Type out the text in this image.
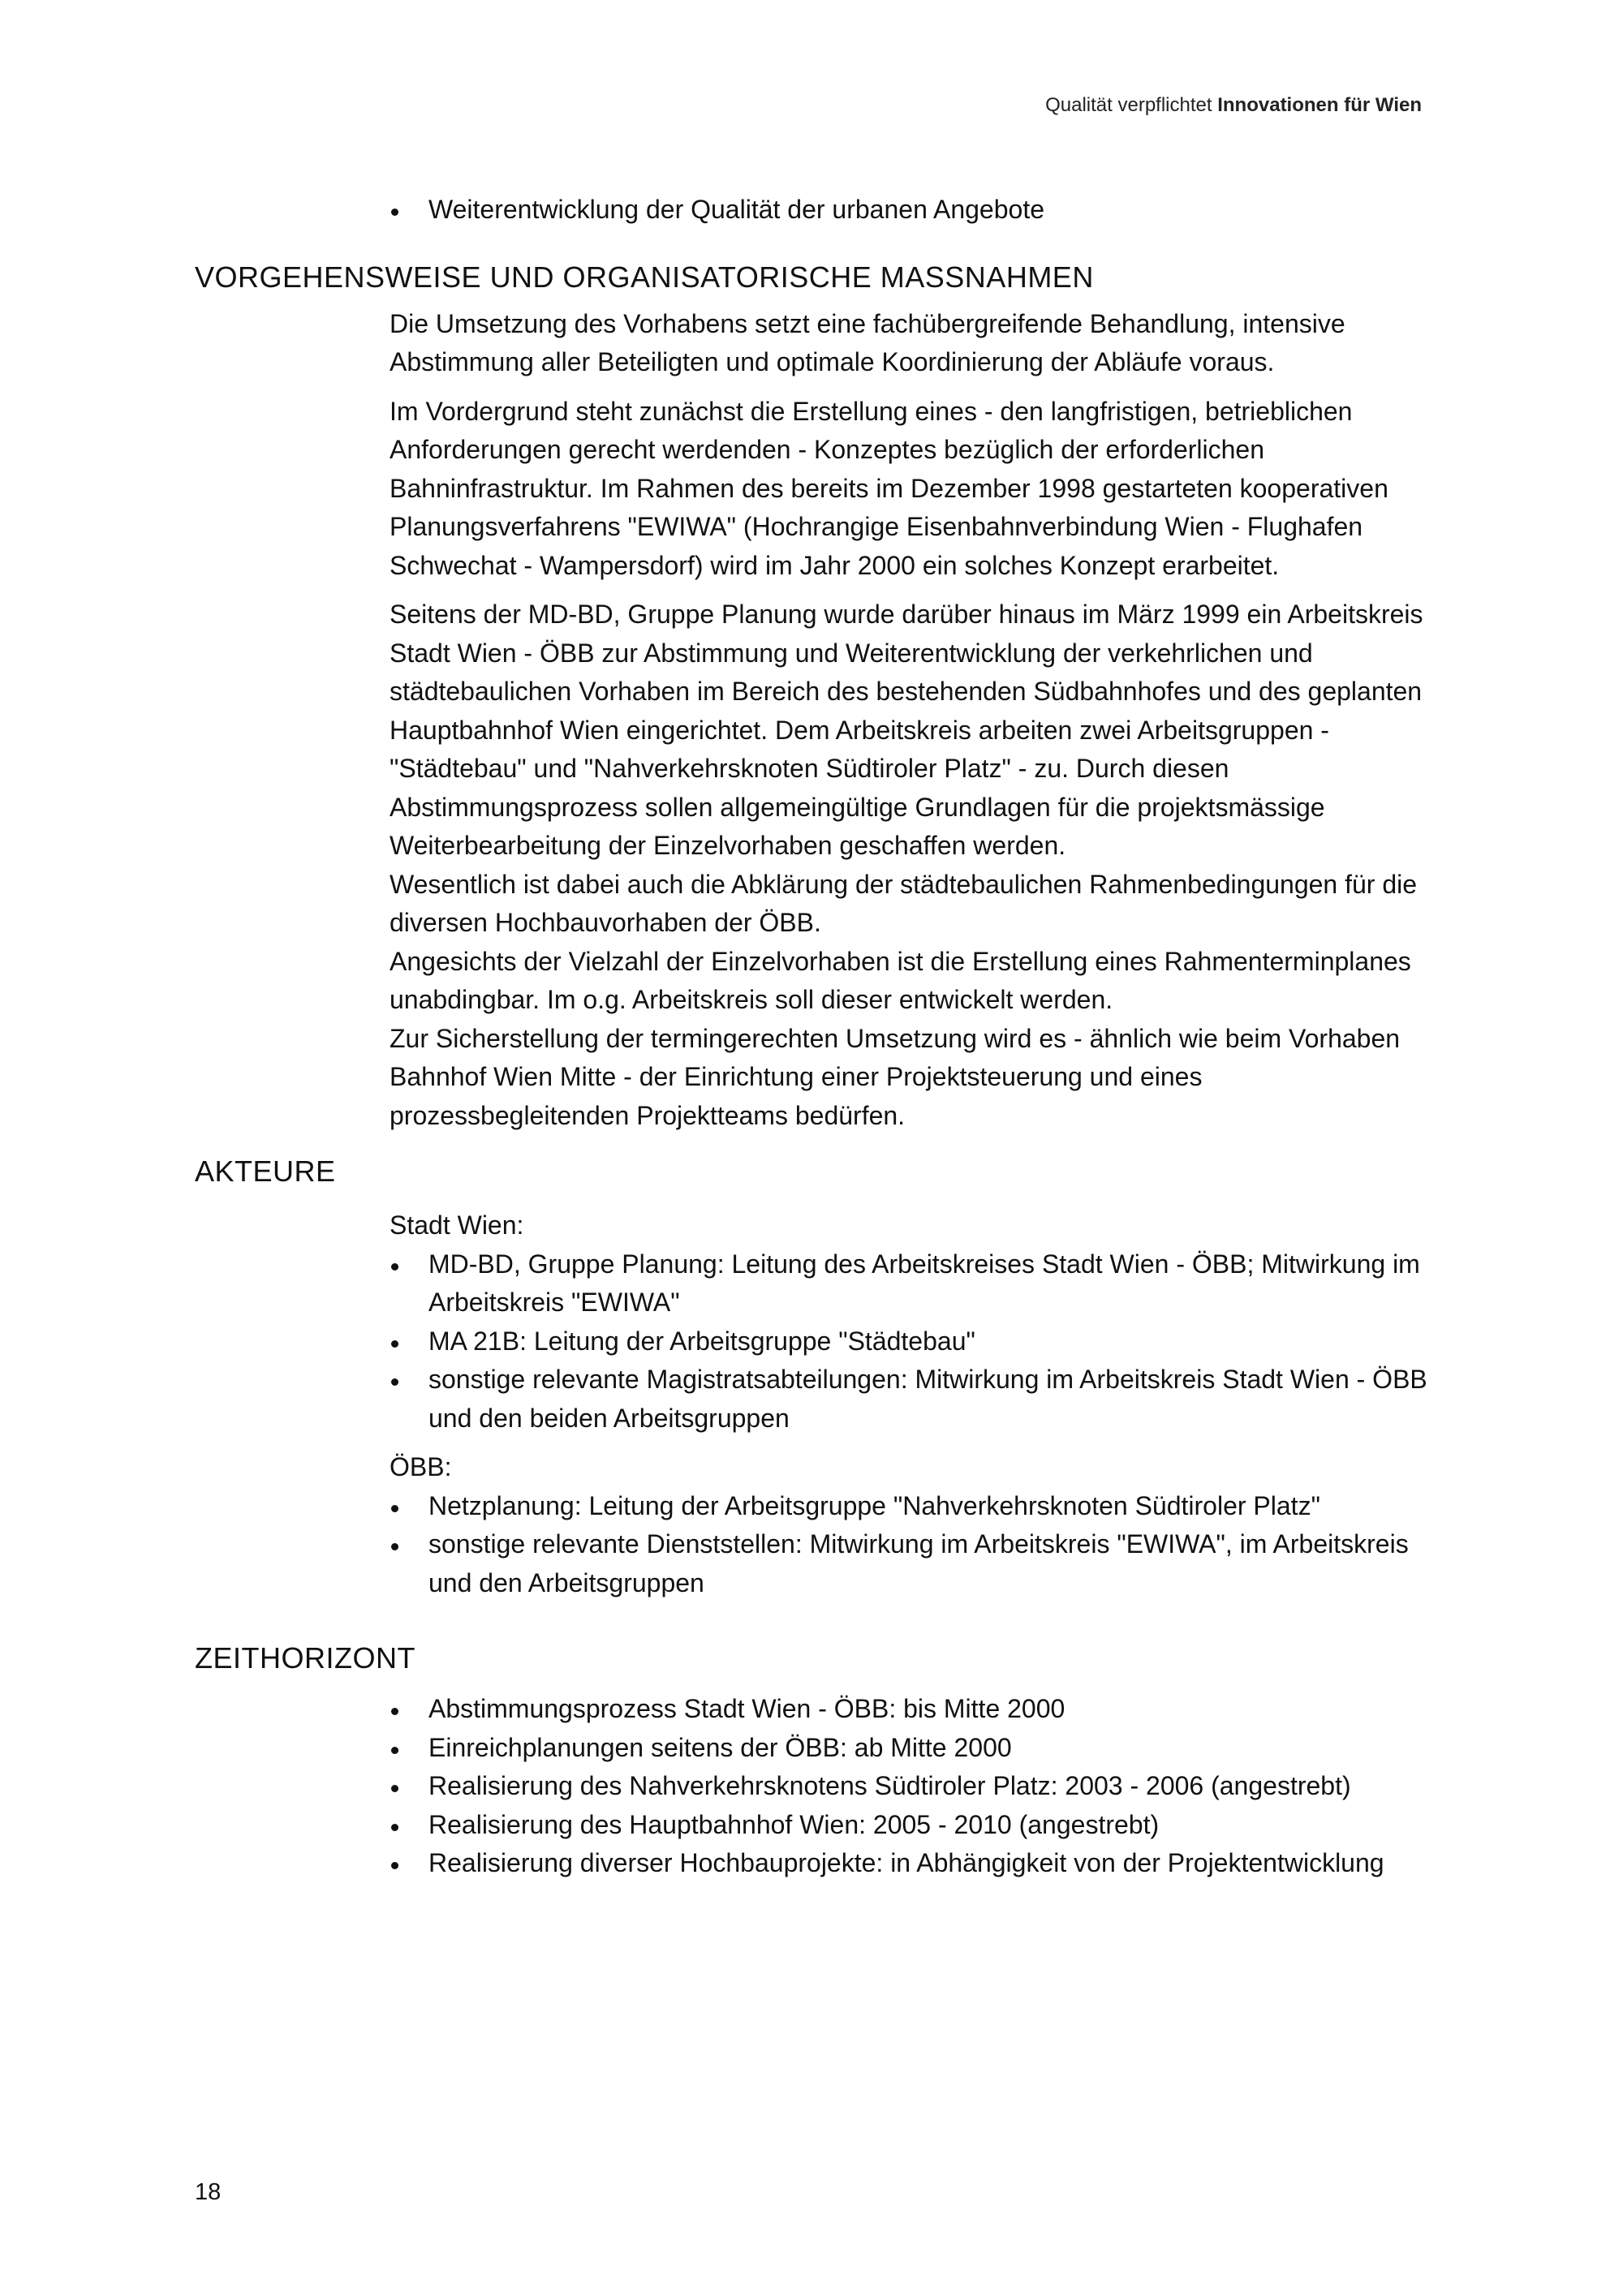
Qualität verpflichtet Innovationen für Wien
Weiterentwicklung der Qualität der urbanen Angebote
VORGEHENSWEISE UND ORGANISATORISCHE MASSNAHMEN

Die Umsetzung des Vorhabens setzt eine fachübergreifende Behandlung, intensive Abstimmung aller Beteiligten und optimale Koordinierung der Abläufe voraus.

Im Vordergrund steht zunächst die Erstellung eines - den langfristigen, betrieblichen Anforderungen gerecht werdenden - Konzeptes bezüglich der erforderlichen Bahninfrastruktur. Im Rahmen des bereits im Dezember 1998 gestarteten kooperativen Planungsverfahrens "EWIWA" (Hochrangige Eisenbahnverbindung Wien - Flughafen Schwechat - Wampersdorf) wird im Jahr 2000 ein solches Konzept erarbeitet.

Seitens der MD-BD, Gruppe Planung wurde darüber hinaus im März 1999 ein Arbeitskreis Stadt Wien - ÖBB zur Abstimmung und Weiterentwicklung der verkehrlichen und städtebaulichen Vorhaben im Bereich des bestehenden Südbahnhofes und des geplanten Hauptbahnhof Wien eingerichtet. Dem Arbeitskreis arbeiten zwei Arbeitsgruppen - "Städtebau" und "Nahverkehrsknoten Südtiroler Platz" - zu. Durch diesen Abstimmungsprozess sollen allgemeingültige Grundlagen für die projektsmässige Weiterbearbeitung der Einzelvorhaben geschaffen werden.

Wesentlich ist dabei auch die Abklärung der städtebaulichen Rahmenbedingungen für die diversen Hochbauvorhaben der ÖBB.

Angesichts der Vielzahl der Einzelvorhaben ist die Erstellung eines Rahmenterminplanes unabdingbar. Im o.g. Arbeitskreis soll dieser entwickelt werden.

Zur Sicherstellung der termingerechten Umsetzung wird es - ähnlich wie beim Vorhaben Bahnhof Wien Mitte - der Einrichtung einer Projektsteuerung und eines prozessbegleitenden Projektteams bedürfen.

AKTEURE

Stadt Wien:

MD-BD, Gruppe Planung: Leitung des Arbeitskreises Stadt Wien - ÖBB; Mitwirkung im Arbeitskreis "EWIWA"
MA 21B: Leitung der Arbeitsgruppe "Städtebau"
sonstige relevante Magistratsabteilungen: Mitwirkung im Arbeitskreis Stadt Wien - ÖBB und den beiden Arbeitsgruppen

ÖBB:

Netzplanung: Leitung der Arbeitsgruppe "Nahverkehrsknoten Südtiroler Platz"
sonstige relevante Dienststellen: Mitwirkung im Arbeitskreis "EWIWA", im Arbeitskreis und den Arbeitsgruppen
ZEITHORIZONT
Abstimmungsprozess Stadt Wien - ÖBB: bis Mitte 2000
Einreichplanungen seitens der ÖBB: ab Mitte 2000
Realisierung des Nahverkehrsknotens Südtiroler Platz: 2003 - 2006 (angestrebt)
Realisierung des Hauptbahnhof Wien: 2005 - 2010 (angestrebt)
Realisierung diverser Hochbauprojekte: in Abhängigkeit von der Projektentwicklung
18
